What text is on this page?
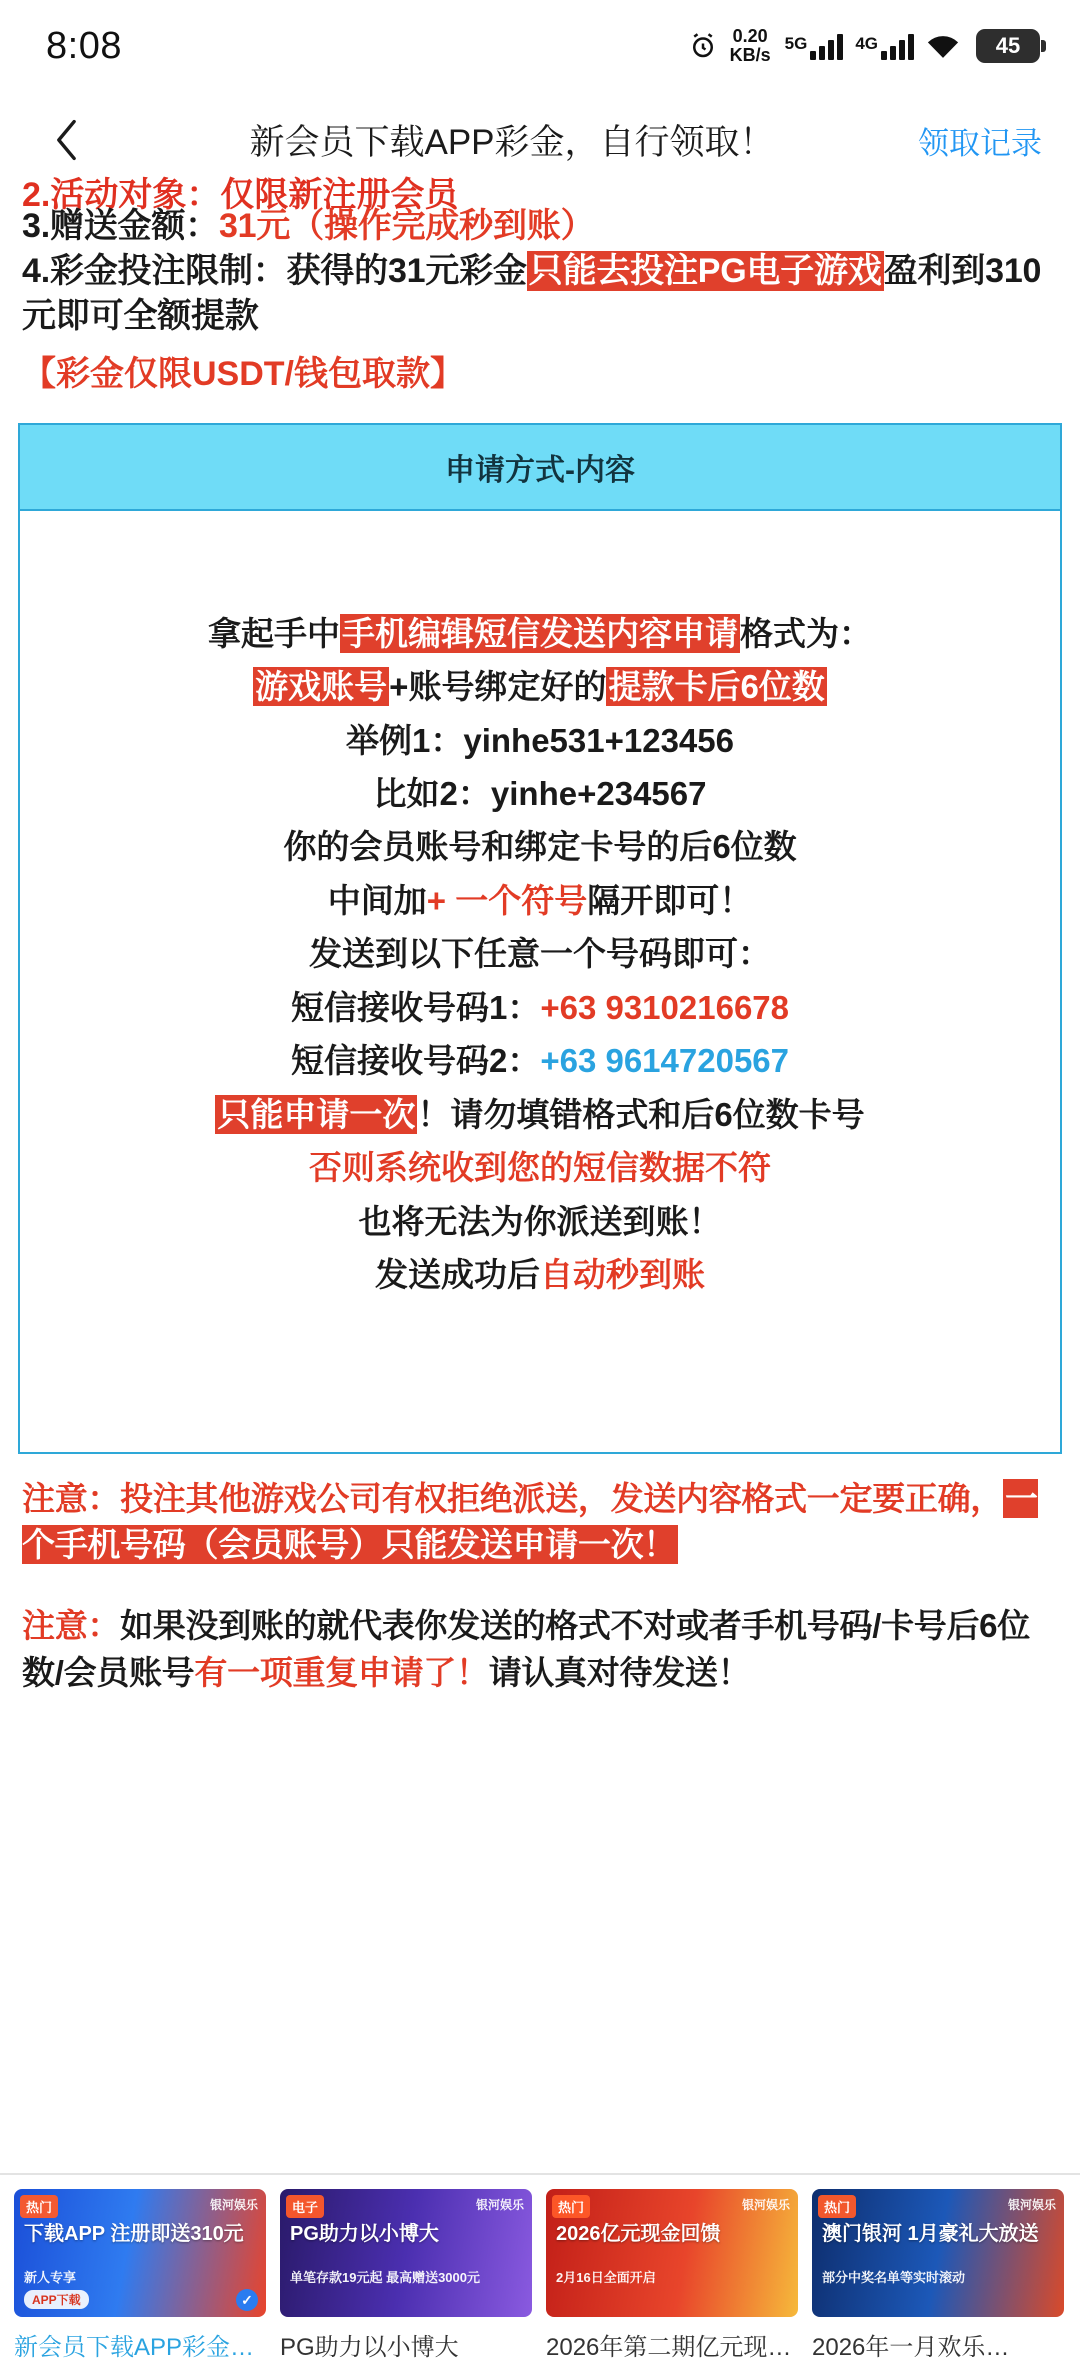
8:08	0.20
KB/s
5G	4G	45
新会员下载APP彩金，自行领取！	领取记录
2.活动对象：仅限新注册会员
3.赠送金额：31元（操作完成秒到账）
4.彩金投注限制：获得的31元彩金只能去投注PG电子游戏盈利到310元即可全额提款
【彩金仅限USDT/钱包取款】
申请方式-内容
拿起手中手机编辑短信发送内容申请格式为：
游戏账号+账号绑定好的提款卡后6位数
举例1：yinhe531+123456
比如2：yinhe+234567
你的会员账号和绑定卡号的后6位数
中间加+ 一个符号隔开即可！
发送到以下任意一个号码即可：
短信接收号码1：+63 9310216678
短信接收号码2：+63 9614720567
只能申请一次！请勿填错格式和后6位数卡号
否则系统收到您的短信数据不符
也将无法为你派送到账！
发送成功后自动秒到账
注意：投注其他游戏公司有权拒绝派送，发送内容格式一定要正确，一个手机号码（会员账号）只能发送申请一次！
注意：如果没到账的就代表你发送的格式不对或者手机号码/卡号后6位数/会员账号有一项重复申请了！请认真对待发送！
热门	银河娱乐
下载APP 注册即送310元
新人专享
APP下载	✓
新会员下载APP彩金…
电子	银河娱乐
PG助力以小博大
单笔存款19元起 最高赠送3000元
PG助力以小博大
热门	银河娱乐
2026亿元现金回馈
2月16日全面开启
2026年第二期亿元现…
热门	银河娱乐
澳门银河 1月豪礼大放送
部分中奖名单等实时滚动
2026年一月欢乐…
